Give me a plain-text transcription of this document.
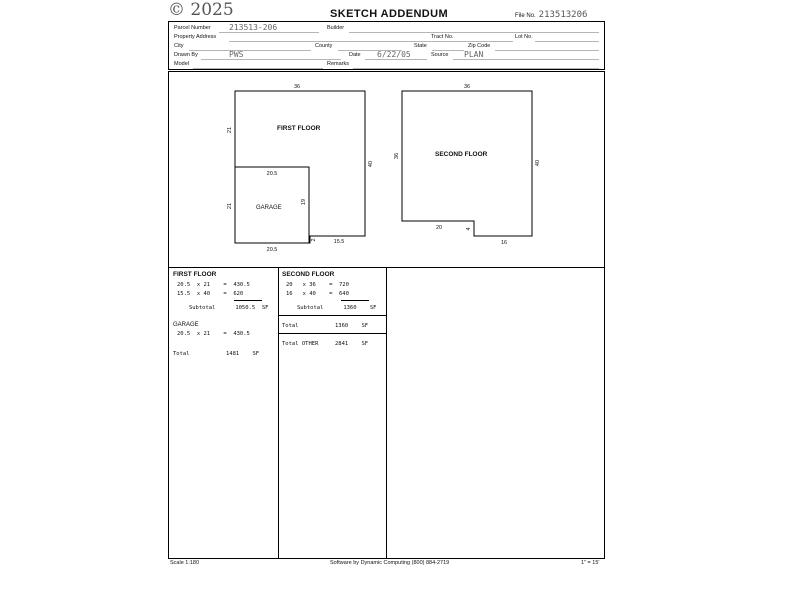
© 2025	SKETCH ADDENDUM	File No. 213513206
Parcel Number 213513-206	Builder
Property Address	Tract No.	Lot No.
City	County	State	Zip Code
Drawn By	PWS	Date 6/22/05	Source PLAN
Model	Remarks
FIRST FLOOR
36
21
40
15.5
2
GARAGE
20.5
21
19
20.5
SECOND FLOOR
36
36
40
20	4
16
FIRST FLOOR
20.5 x 21 = 430.5
15.5 x 40 = 620
Subtotal	1050.5 SF
GARAGE
20.5 x 21 = 430.5
Total	1481 SF
SECOND FLOOR
20 x 36 = 720
16 x 40 = 640
Subtotal	1360 SF
Total	1360 SF
Total OTHER	2841 SF
Scale 1:180	Software by Dynamic Computing (800) 884-2719	1" = 15'
